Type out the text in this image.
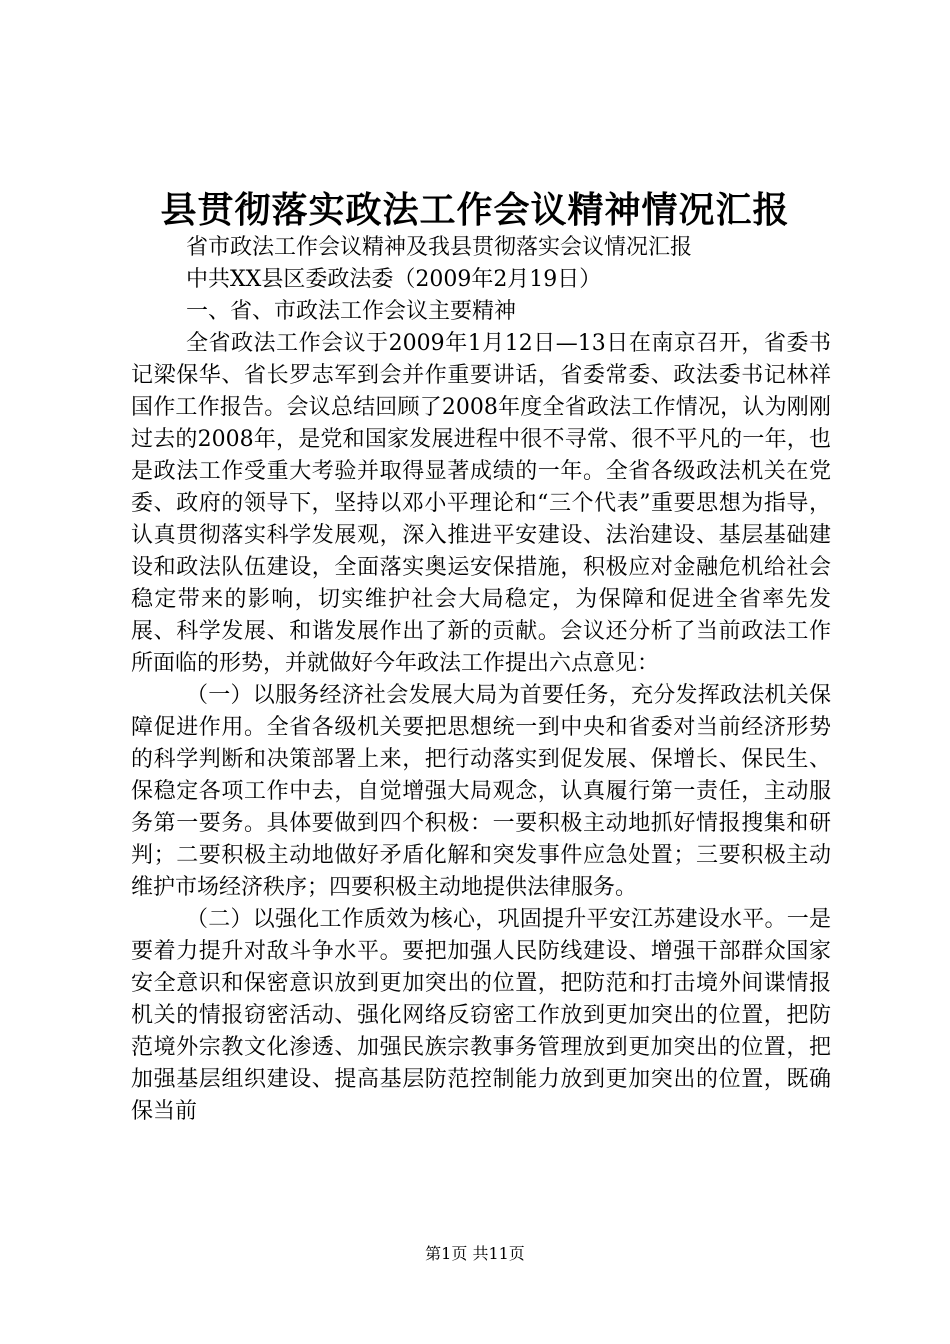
县贯彻落实政法工作会议精神情况汇报

省市政法工作会议精神及我县贯彻落实会议情况汇报

中共XX县区委政法委（2009年2月19日）

一、省、市政法工作会议主要精神

全省政法工作会议于2009年1月12日—13日在南京召开，省委书记梁保华、省长罗志军到会并作重要讲话，省委常委、政法委书记林祥国作工作报告。会议总结回顾了2008年度全省政法工作情况，认为刚刚过去的2008年，是党和国家发展进程中很不寻常、很不平凡的一年，也是政法工作受重大考验并取得显著成绩的一年。全省各级政法机关在党委、政府的领导下，坚持以邓小平理论和“三个代表”重要思想为指导，认真贯彻落实科学发展观，深入推进平安建设、法治建设、基层基础建设和政法队伍建设，全面落实奥运安保措施，积极应对金融危机给社会稳定带来的影响，切实维护社会大局稳定，为保障和促进全省率先发展、科学发展、和谐发展作出了新的贡献。会议还分析了当前政法工作所面临的形势，并就做好今年政法工作提出六点意见：

（一）以服务经济社会发展大局为首要任务，充分发挥政法机关保障促进作用。全省各级机关要把思想统一到中央和省委对当前经济形势的科学判断和决策部署上来，把行动落实到促发展、保增长、保民生、保稳定各项工作中去，自觉增强大局观念，认真履行第一责任，主动服务第一要务。具体要做到四个积极：一要积极主动地抓好情报搜集和研判；二要积极主动地做好矛盾化解和突发事件应急处置；三要积极主动维护市场经济秩序；四要积极主动地提供法律服务。

（二）以强化工作质效为核心，巩固提升平安江苏建设水平。一是要着力提升对敌斗争水平。要把加强人民防线建设、增强干部群众国家安全意识和保密意识放到更加突出的位置，把防范和打击境外间谍情报机关的情报窃密活动、强化网络反窃密工作放到更加突出的位置，把防范境外宗教文化渗透、加强民族宗教事务管理放到更加突出的位置，把加强基层组织建设、提高基层防范控制能力放到更加突出的位置，既确保当前

第1页 共11页
